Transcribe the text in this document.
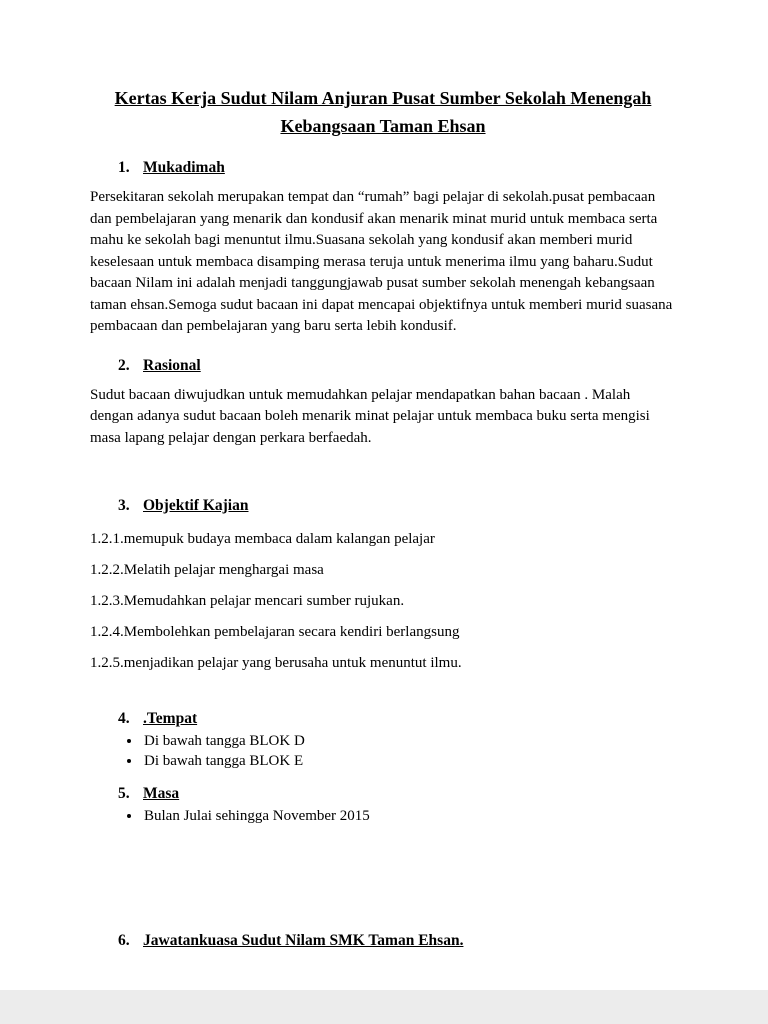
Kertas Kerja Sudut Nilam Anjuran Pusat Sumber Sekolah Menengah Kebangsaan Taman Ehsan
1. Mukadimah

Persekitaran sekolah merupakan tempat dan “rumah” bagi pelajar di sekolah.pusat pembacaan dan pembelajaran yang menarik dan kondusif akan menarik minat murid untuk membaca serta mahu ke sekolah bagi menuntut ilmu.Suasana sekolah yang kondusif akan memberi murid keselesaan untuk membaca disamping merasa teruja untuk menerima ilmu yang baharu.Sudut bacaan Nilam ini adalah menjadi tanggungjawab pusat sumber sekolah menengah kebangsaan taman ehsan.Semoga sudut bacaan ini dapat mencapai objektifnya untuk memberi murid suasana pembacaan dan pembelajaran yang baru serta lebih kondusif.

2. Rasional

Sudut bacaan diwujudkan untuk memudahkan pelajar mendapatkan bahan bacaan . Malah dengan adanya sudut bacaan boleh menarik minat pelajar untuk membaca buku serta mengisi masa lapang pelajar dengan perkara berfaedah.

3. Objektif Kajian

1.2.1.memupuk budaya membaca dalam kalangan pelajar

1.2.2.Melatih pelajar menghargai masa

1.2.3.Memudahkan pelajar mencari sumber rujukan.

1.2.4.Membolehkan pembelajaran secara kendiri berlangsung

1.2.5.menjadikan pelajar yang berusaha untuk menuntut ilmu.

4. .Tempat
• Di bawah tangga BLOK D
• Di bawah tangga BLOK E
5. Masa
• Bulan Julai sehingga November 2015
6. Jawatankuasa Sudut Nilam SMK Taman Ehsan.
